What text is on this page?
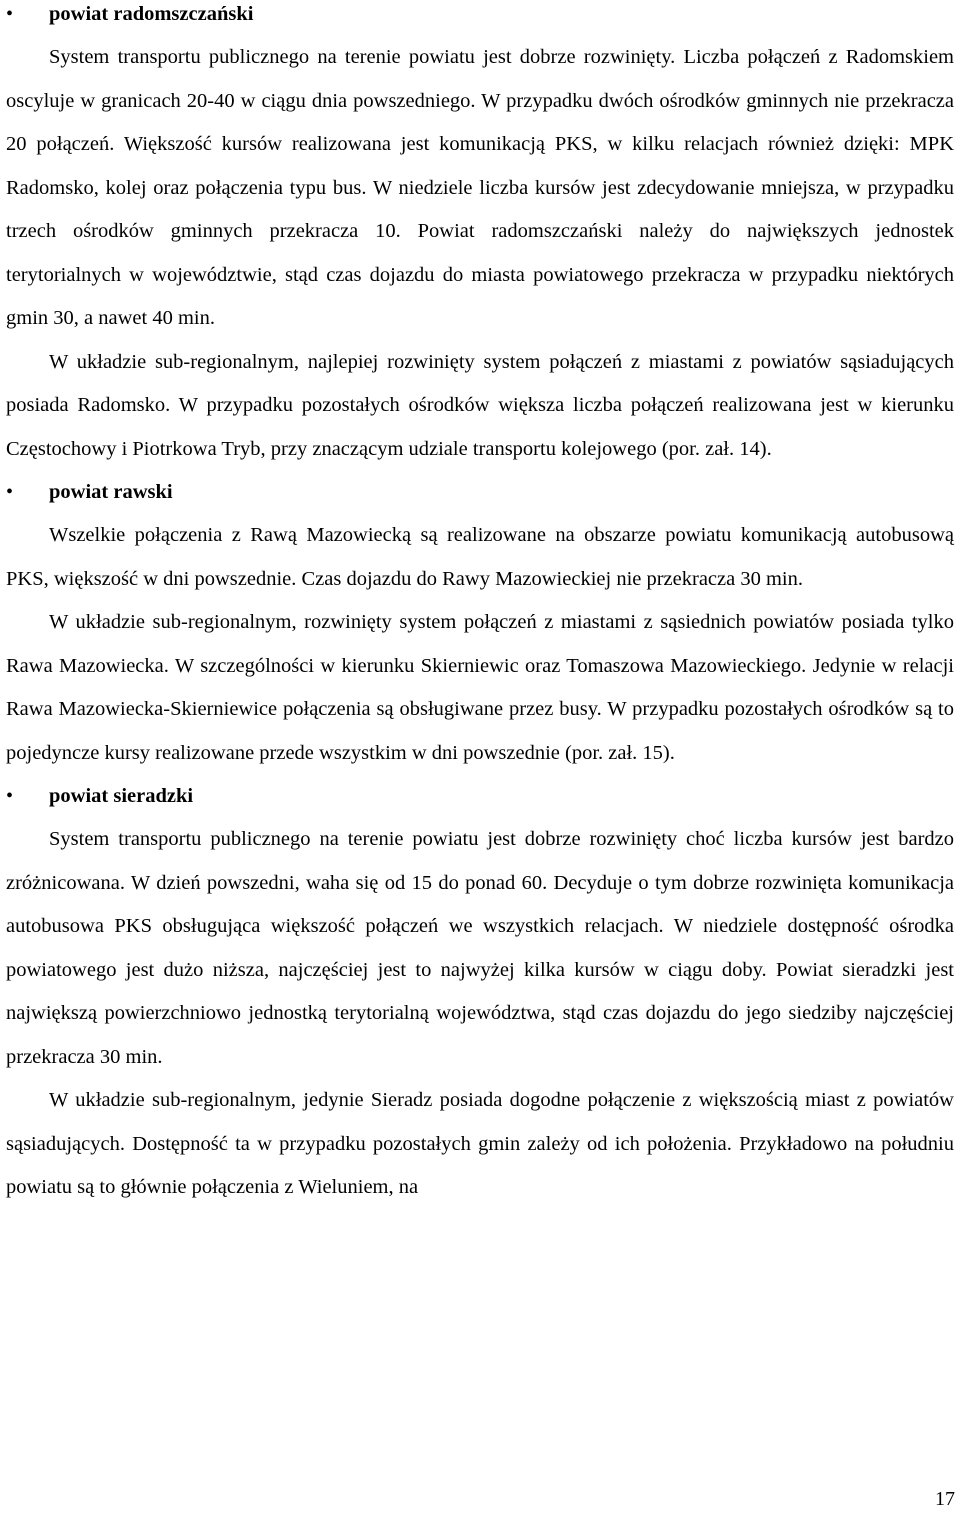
•	powiat radomszczański

System transportu publicznego na terenie powiatu jest dobrze rozwinięty. Liczba połączeń z Radomskiem oscyluje w granicach 20-40 w ciągu dnia powszedniego. W przypadku dwóch ośrodków gminnych nie przekracza 20 połączeń. Większość kursów realizowana jest komunikacją PKS, w kilku relacjach również dzięki: MPK Radomsko, kolej oraz połączenia typu bus. W niedziele liczba kursów jest zdecydowanie mniejsza, w przypadku trzech ośrodków gminnych przekracza 10. Powiat radomszczański należy do największych jednostek terytorialnych w województwie, stąd czas dojazdu do miasta powiatowego przekracza w przypadku niektórych gmin 30, a nawet 40 min.

W układzie sub-regionalnym, najlepiej rozwinięty system połączeń z miastami z powiatów sąsiadujących posiada Radomsko. W przypadku pozostałych ośrodków większa liczba połączeń realizowana jest w kierunku Częstochowy i Piotrkowa Tryb, przy znaczącym udziale transportu kolejowego (por. zał. 14).

•	powiat rawski

Wszelkie połączenia z Rawą Mazowiecką są realizowane na obszarze powiatu komunikacją autobusową PKS, większość w dni powszednie. Czas dojazdu do Rawy Mazowieckiej nie przekracza 30 min.

W układzie sub-regionalnym, rozwinięty system połączeń z miastami z sąsiednich powiatów posiada tylko Rawa Mazowiecka. W szczególności w kierunku Skierniewic oraz Tomaszowa Mazowieckiego. Jedynie w relacji Rawa Mazowiecka-Skierniewice połączenia są obsługiwane przez busy. W przypadku pozostałych ośrodków są to pojedyncze kursy realizowane przede wszystkim w dni powszednie (por. zał. 15).

•	powiat sieradzki

System transportu publicznego na terenie powiatu jest dobrze rozwinięty choć liczba kursów jest bardzo zróżnicowana. W dzień powszedni, waha się od 15 do ponad 60. Decyduje o tym dobrze rozwinięta komunikacja autobusowa PKS obsługująca większość połączeń we wszystkich relacjach. W niedziele dostępność ośrodka powiatowego jest dużo niższa, najczęściej jest to najwyżej kilka kursów w ciągu doby. Powiat sieradzki jest największą powierzchniowo jednostką terytorialną województwa, stąd czas dojazdu do jego siedziby najczęściej przekracza 30 min.

W układzie sub-regionalnym, jedynie Sieradz posiada dogodne połączenie z większością miast z powiatów sąsiadujących. Dostępność ta w przypadku pozostałych gmin zależy od ich położenia. Przykładowo na południu powiatu są to głównie połączenia z Wieluniem, na

17
